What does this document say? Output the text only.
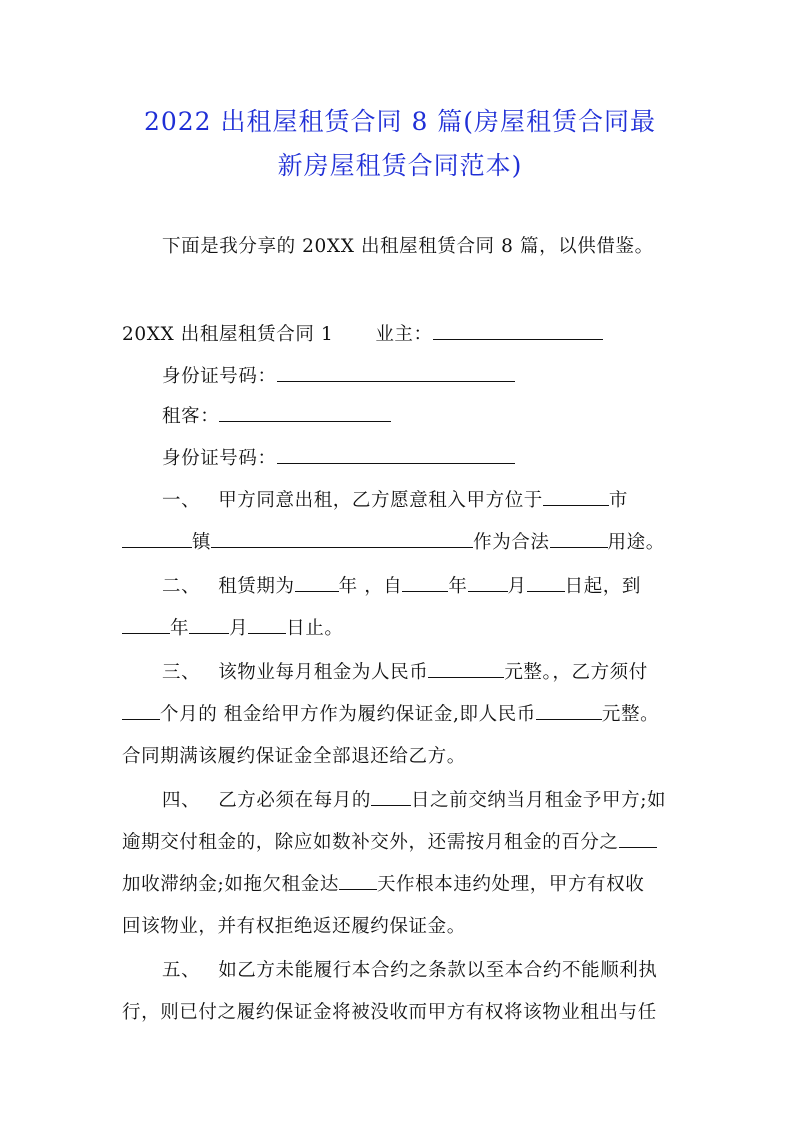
2022 出租屋租赁合同 8 篇(房屋租赁合同最
新房屋租赁合同范本)
下面是我分享的 20XX 出租屋租赁合同 8 篇，以供借鉴。
20XX 出租屋租赁合同 1 业主：
身份证号码：
租客：
身份证号码：
一、 甲方同意出租，乙方愿意租入甲方位于	市
镇	作为合法	用途。
二、 租赁期为 年 ，自 年 月 日起，到
年 月 日止。
三、 该物业每月租金为人民币	元整。，乙方须付
个月的 租金给甲方作为履约保证金,即人民币	元整。
合同期满该履约保证金全部退还给乙方。
四、 乙方必须在每月的 日之前交纳当月租金予甲方;如
逾期交付租金的，除应如数补交外，还需按月租金的百分之
加收滞纳金;如拖欠租金达 天作根本违约处理，甲方有权收
回该物业，并有权拒绝返还履约保证金。
五、 如乙方未能履行本合约之条款以至本合约不能顺利执
行，则已付之履约保证金将被没收而甲方有权将该物业租出与任
